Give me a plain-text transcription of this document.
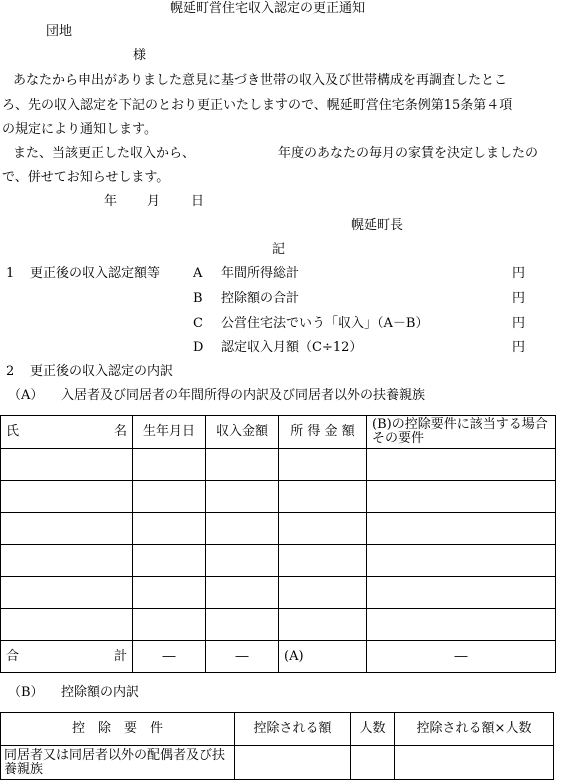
幌延町営住宅収入認定の更正通知
団地
様
あなたから申出がありました意見に基づき世帯の収入及び世帯構成を再調査したとこ
ろ、先の収入認定を下記のとおり更正いたしますので、幌延町営住宅条例第15条第４項
の規定により通知します。
また、当該更正した収入から、	年度のあなたの毎月の家賃を決定しましたの
で、併せてお知らせします。
年 月 日
幌延町長
記
1 更正後の収入認定額等	A 年間所得総計	円
B 控除額の合計	円
C 公営住宅法でいう「収入」（A－B）	円
D 認定収入月額（C÷12）	円
2 更正後の収入認定の内訳
（A） 入居者及び同居者の年間所得の内訳及び同居者以外の扶養親族
氏　名	生年月日	収入金額	所 得 金 額	(B)の控除要件に該当する場合その要件

合　計	―	―	(A)	―
（B） 控除額の内訳
控　除　要　件	控除される額	人数	控除される額×人数
同居者又は同居者以外の配偶者及び扶養親族			
